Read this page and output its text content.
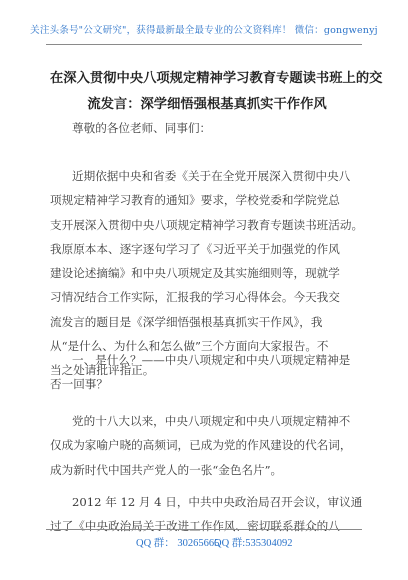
关注头条号"公文研究"，获得最新最全最专业的公文资料库！ 微信：gongwenyj
在深入贯彻中央八项规定精神学习教育专题读书班上的交
流发言：深学细悟强根基真抓实干作作风
尊敬的各位老师、同事们：
近期依据中央和省委《关于在全党开展深入贯彻中央八
项规定精神学习教育的通知》要求，学校党委和学院党总
支开展深入贯彻中央八项规定精神学习教育专题读书班活动。
我原原本本、逐字逐句学习了《习近平关于加强党的作风
建设论述摘编》和中央八项规定及其实施细则等，现就学
习情况结合工作实际，汇报我的学习心得体会。今天我交
流发言的题目是《深学细悟强根基真抓实干作风》，我
从“是什么、为什么和怎么做”三个方面向大家报告。不
当之处请批评指正。
一、是什么？——中央八项规定和中央八项规定精神是
否一回事？
党的十八大以来，中央八项规定和中央八项规定精神不
仅成为家喻户晓的高频词，已成为党的作风建设的代名词，
成为新时代中国共产党人的一张“金色名片”。
2012 年 12 月 4 日，中共中央政治局召开会议，审议通
过了《中央政治局关于改进工作作风、密切联系群众的八
QQ 群： 30265665
QQ 群:535304092
